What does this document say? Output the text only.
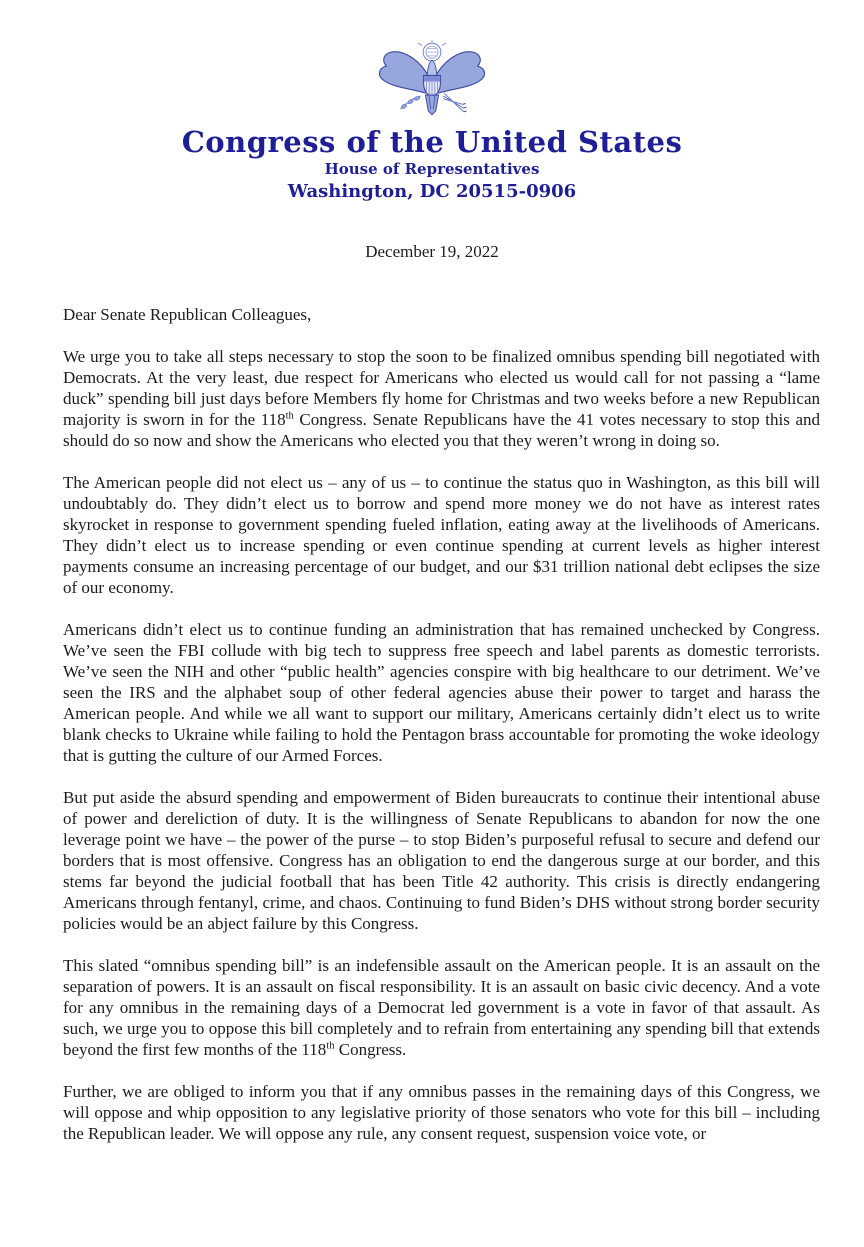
Congress of the United States
House of Representatives
Washington, DC 20515-0906
December 19, 2022
Dear Senate Republican Colleagues,

We urge you to take all steps necessary to stop the soon to be finalized omnibus spending bill negotiated with Democrats. At the very least, due respect for Americans who elected us would call for not passing a “lame duck” spending bill just days before Members fly home for Christmas and two weeks before a new Republican majority is sworn in for the 118th Congress. Senate Republicans have the 41 votes necessary to stop this and should do so now and show the Americans who elected you that they weren’t wrong in doing so.

The American people did not elect us – any of us – to continue the status quo in Washington, as this bill will undoubtably do. They didn’t elect us to borrow and spend more money we do not have as interest rates skyrocket in response to government spending fueled inflation, eating away at the livelihoods of Americans. They didn’t elect us to increase spending or even continue spending at current levels as higher interest payments consume an increasing percentage of our budget, and our $31 trillion national debt eclipses the size of our economy.

Americans didn’t elect us to continue funding an administration that has remained unchecked by Congress. We’ve seen the FBI collude with big tech to suppress free speech and label parents as domestic terrorists. We’ve seen the NIH and other “public health” agencies conspire with big healthcare to our detriment. We’ve seen the IRS and the alphabet soup of other federal agencies abuse their power to target and harass the American people. And while we all want to support our military, Americans certainly didn’t elect us to write blank checks to Ukraine while failing to hold the Pentagon brass accountable for promoting the woke ideology that is gutting the culture of our Armed Forces.

But put aside the absurd spending and empowerment of Biden bureaucrats to continue their intentional abuse of power and dereliction of duty. It is the willingness of Senate Republicans to abandon for now the one leverage point we have – the power of the purse – to stop Biden’s purposeful refusal to secure and defend our borders that is most offensive. Congress has an obligation to end the dangerous surge at our border, and this stems far beyond the judicial football that has been Title 42 authority. This crisis is directly endangering Americans through fentanyl, crime, and chaos. Continuing to fund Biden’s DHS without strong border security policies would be an abject failure by this Congress.

This slated “omnibus spending bill” is an indefensible assault on the American people. It is an assault on the separation of powers. It is an assault on fiscal responsibility. It is an assault on basic civic decency. And a vote for any omnibus in the remaining days of a Democrat led government is a vote in favor of that assault. As such, we urge you to oppose this bill completely and to refrain from entertaining any spending bill that extends beyond the first few months of the 118th Congress.

Further, we are obliged to inform you that if any omnibus passes in the remaining days of this Congress, we will oppose and whip opposition to any legislative priority of those senators who vote for this bill – including the Republican leader. We will oppose any rule, any consent request, suspension voice vote, or
